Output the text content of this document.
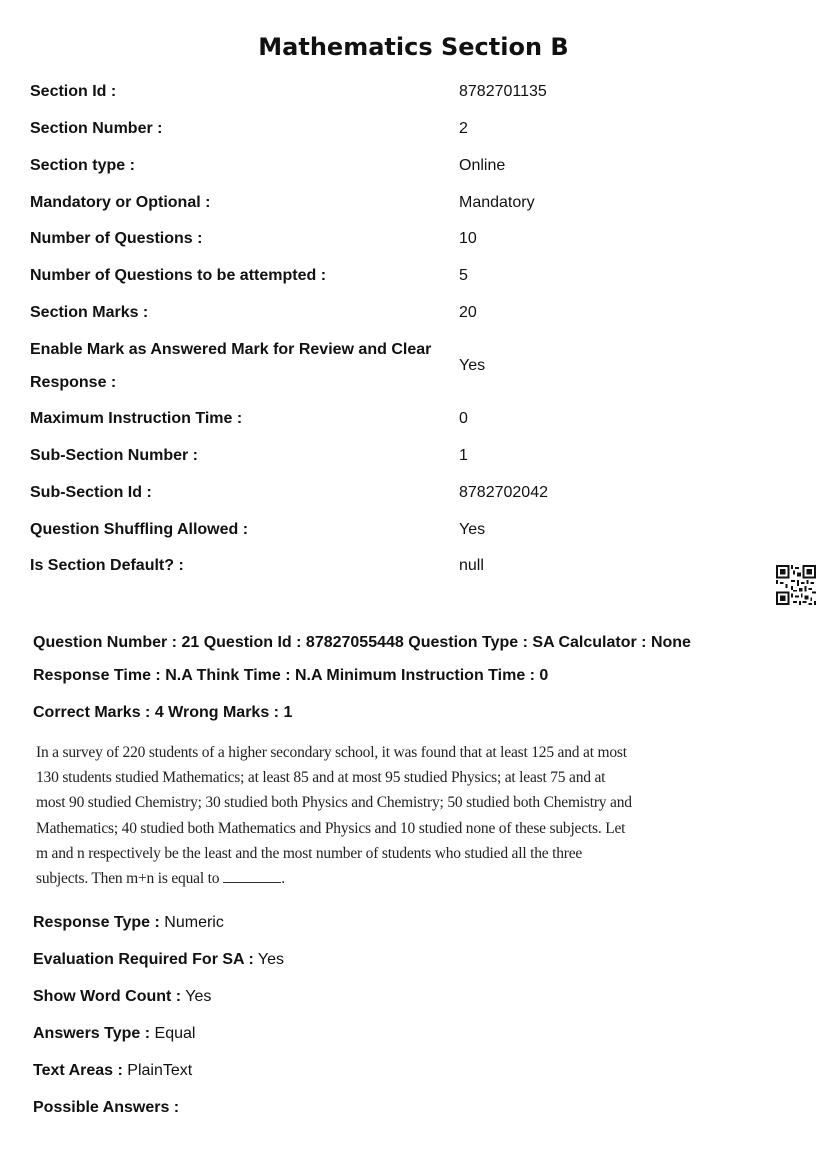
Mathematics Section B
Section Id :	8782701135
Section Number :	2
Section type :	Online
Mandatory or Optional :	Mandatory
Number of Questions :	10
Number of Questions to be attempted :	5
Section Marks :	20
Enable Mark as Answered Mark for Review and Clear Response :
Yes
Maximum Instruction Time :	0
Sub-Section Number :	1
Sub-Section Id :	8782702042
Question Shuffling Allowed :	Yes
Is Section Default? :	null
Question Number : 21 Question Id : 87827055448 Question Type : SA Calculator : None
Response Time : N.A Think Time : N.A Minimum Instruction Time : 0
Correct Marks : 4 Wrong Marks : 1
In a survey of 220 students of a higher secondary school, it was found that at least 125 and at most 130 students studied Mathematics; at least 85 and at most 95 studied Physics; at least 75 and at most 90 studied Chemistry; 30 studied both Physics and Chemistry; 50 studied both Chemistry and Mathematics; 40 studied both Mathematics and Physics and 10 studied none of these subjects. Let m and n respectively be the least and the most number of students who studied all the three subjects. Then m+n is equal to	.
Response Type : Numeric
Evaluation Required For SA : Yes
Show Word Count : Yes
Answers Type : Equal
Text Areas : PlainText
Possible Answers :
